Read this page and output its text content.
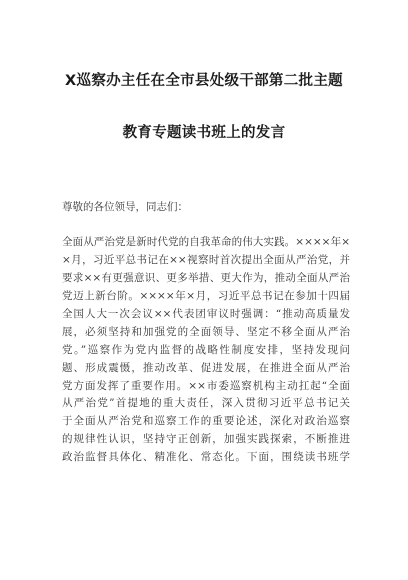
X巡察办主任在全市县处级干部第二批主题
教育专题读书班上的发言
尊敬的各位领导，同志们：
全面从严治党是新时代党的自我革命的伟大实践。××××年×
×月，习近平总书记在××视察时首次提出全面从严治党，并
要求××有更强意识、更多举措、更大作为，推动全面从严治
党迈上新台阶。××××年×月，习近平总书记在参加十四届
全国人大一次会议××代表团审议时强调：“推动高质量发
展，必须坚持和加强党的全面领导、坚定不移全面从严治
党。”巡察作为党内监督的战略性制度安排，坚持发现问
题、形成震慑，推动改革、促进发展，在推进全面从严治
党方面发挥了重要作用。××市委巡察机构主动扛起“全面
从严治党”首提地的重大责任，深入贯彻习近平总书记关
于全面从严治党和巡察工作的重要论述，深化对政治巡察
的规律性认识，坚持守正创新，加强实践探索，不断推进
政治监督具体化、精准化、常态化。下面，围绕读书班学
